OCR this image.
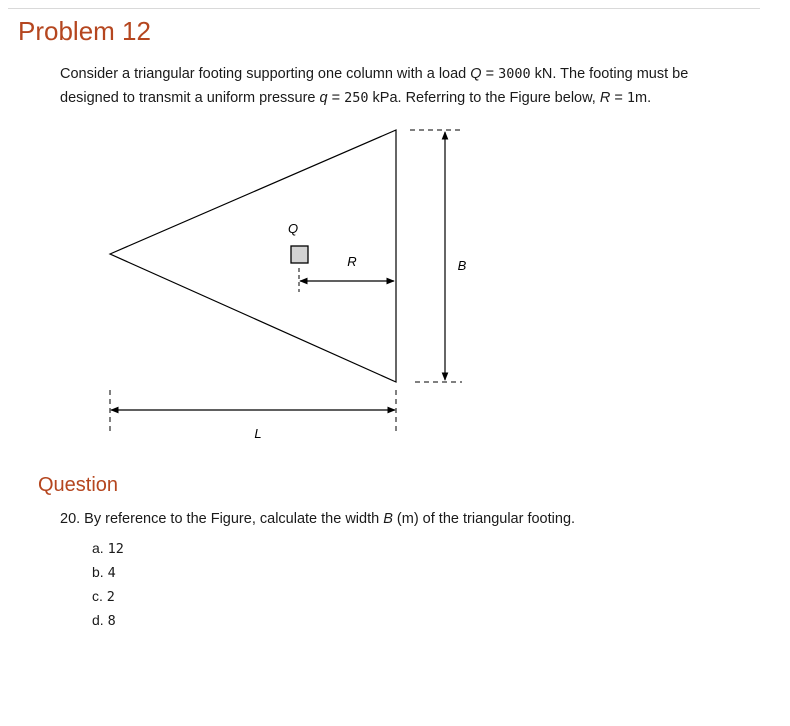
Problem 12

Consider a triangular footing supporting one column with a load Q = 3000 kN. The footing must be designed to transmit a uniform pressure q = 250 kPa. Referring to the Figure below, R = 1m.

Q
R	B
L
Question

20. By reference to the Figure, calculate the width B (m) of the triangular footing.

a. 12
b. 4
c. 2
d. 8
